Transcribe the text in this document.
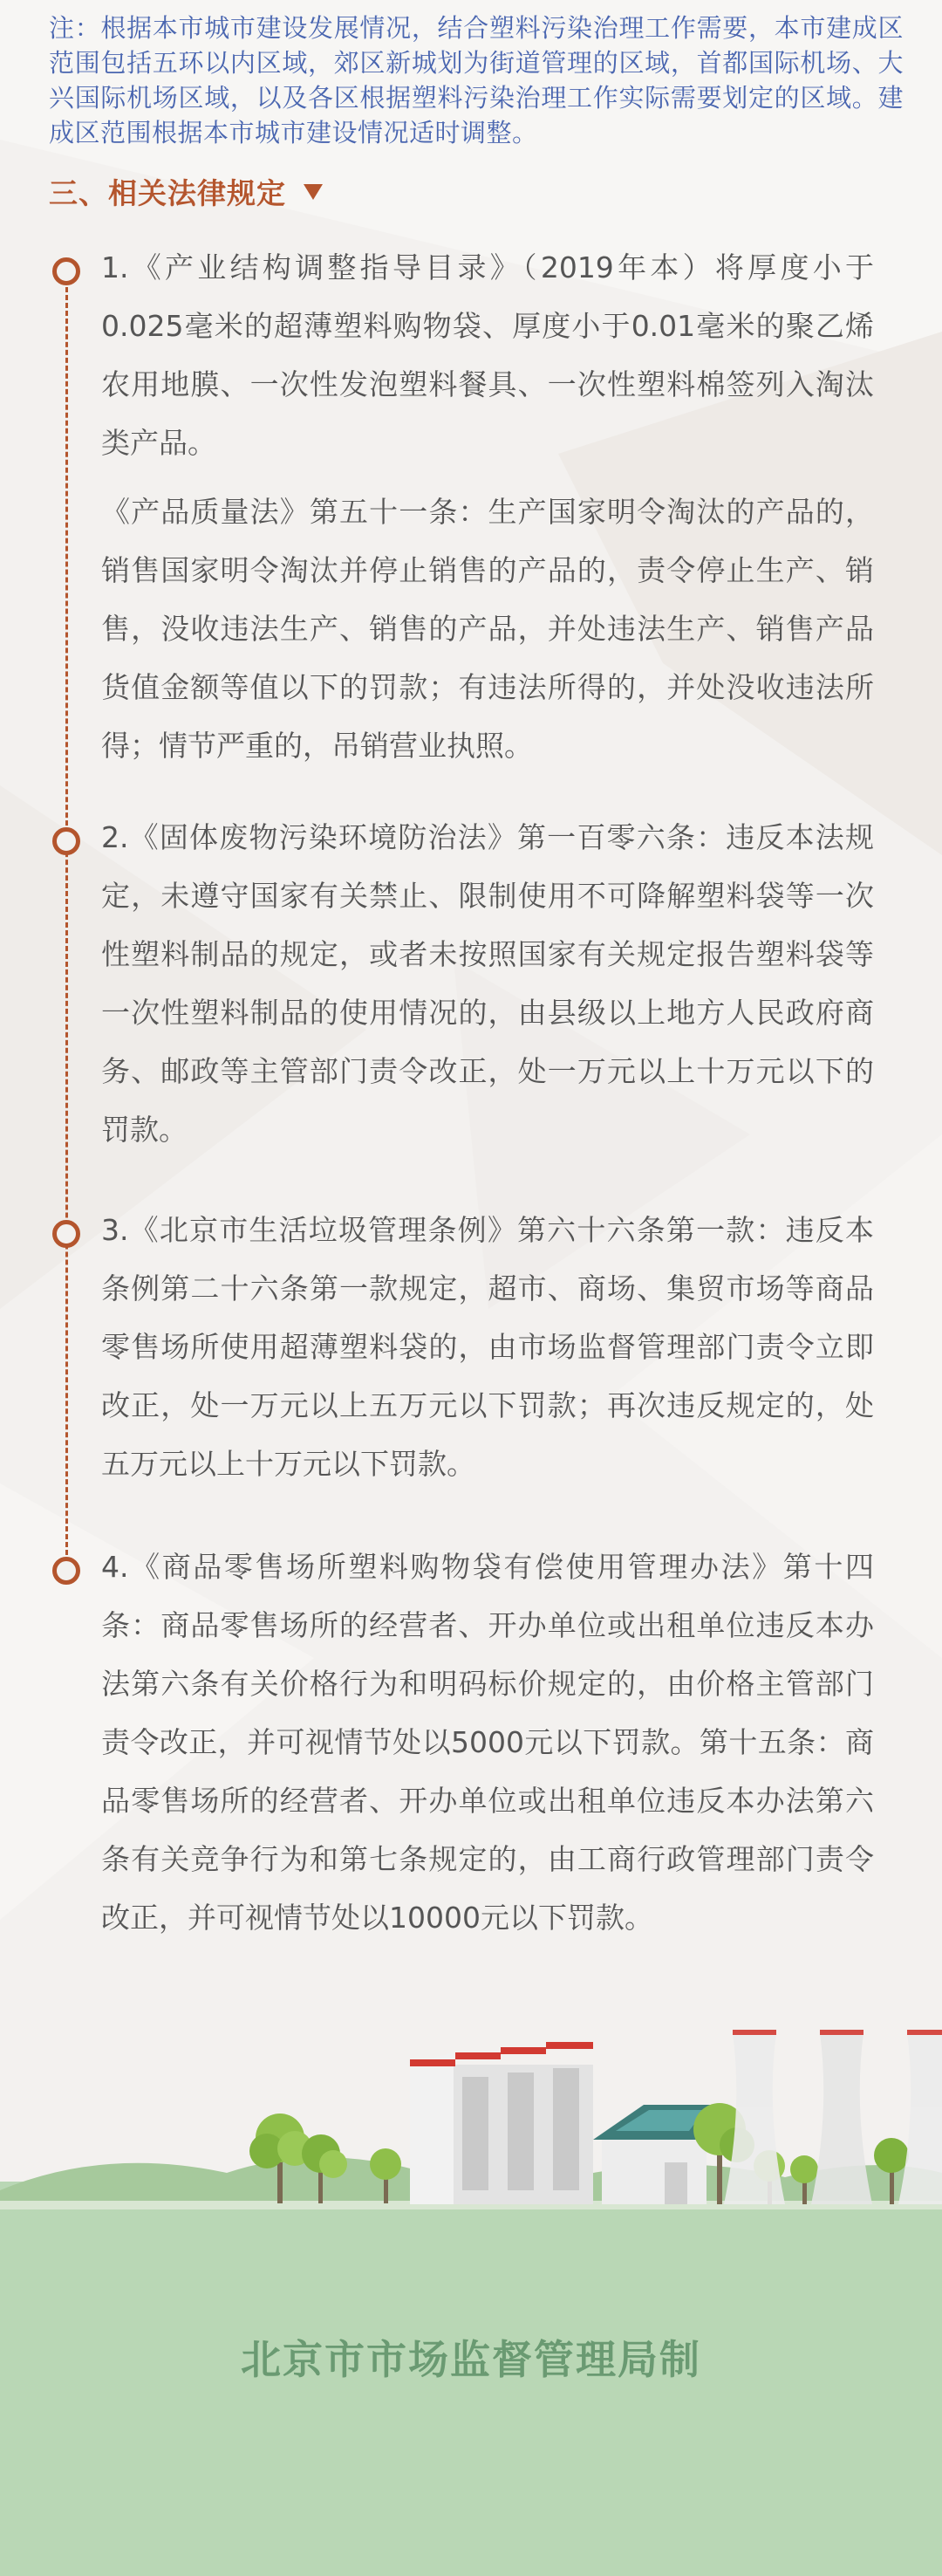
注：根据本市城市建设发展情况，结合塑料污染治理工作需要，本市建成区范围包括五环以内区域，郊区新城划为街道管理的区域，首都国际机场、大兴国际机场区域，以及各区根据塑料污染治理工作实际需要划定的区域。建成区范围根据本市城市建设情况适时调整。
三、相关法律规定

1.《产业结构调整指导目录》（2019年本）将厚度小于0.025毫米的超薄塑料购物袋、厚度小于0.01毫米的聚乙烯农用地膜、一次性发泡塑料餐具、一次性塑料棉签列入淘汰类产品。

《产品质量法》第五十一条：生产国家明令淘汰的产品的，销售国家明令淘汰并停止销售的产品的，责令停止生产、销售，没收违法生产、销售的产品，并处违法生产、销售产品货值金额等值以下的罚款；有违法所得的，并处没收违法所得；情节严重的，吊销营业执照。

2.《固体废物污染环境防治法》第一百零六条：违反本法规定，未遵守国家有关禁止、限制使用不可降解塑料袋等一次性塑料制品的规定，或者未按照国家有关规定报告塑料袋等一次性塑料制品的使用情况的，由县级以上地方人民政府商务、邮政等主管部门责令改正，处一万元以上十万元以下的罚款。

3.《北京市生活垃圾管理条例》第六十六条第一款：违反本条例第二十六条第一款规定，超市、商场、集贸市场等商品零售场所使用超薄塑料袋的，由市场监督管理部门责令立即改正，处一万元以上五万元以下罚款；再次违反规定的，处五万元以上十万元以下罚款。

4.《商品零售场所塑料购物袋有偿使用管理办法》第十四条：商品零售场所的经营者、开办单位或出租单位违反本办法第六条有关价格行为和明码标价规定的，由价格主管部门责令改正，并可视情节处以5000元以下罚款。第十五条：商品零售场所的经营者、开办单位或出租单位违反本办法第六条有关竞争行为和第七条规定的，由工商行政管理部门责令改正，并可视情节处以10000元以下罚款。

北京市市场监督管理局制
